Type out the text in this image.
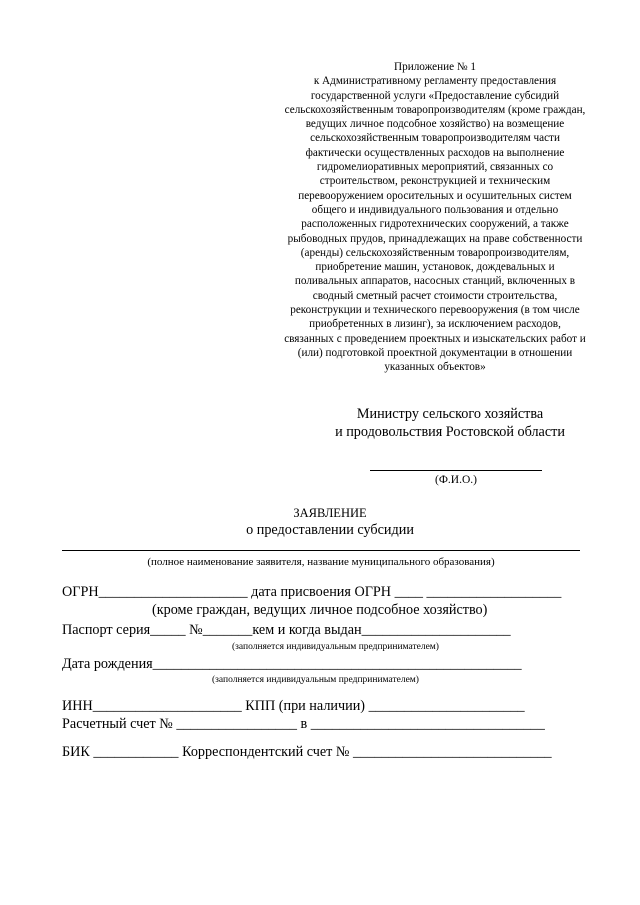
Приложение № 1
к Административному регламенту предоставления
государственной услуги «Предоставление субсидий
сельскохозяйственным товаропроизводителям (кроме граждан,
ведущих личное подсобное хозяйство) на возмещение
сельскохозяйственным товаропроизводителям части
фактически осуществленных расходов на выполнение
гидромелиоративных мероприятий, связанных со
строительством, реконструкцией и техническим
перевооружением оросительных и осушительных систем
общего и индивидуального пользования и отдельно
расположенных гидротехнических сооружений, а также
рыбоводных прудов, принадлежащих на праве собственности
(аренды) сельскохозяйственным товаропроизводителям,
приобретение машин, установок, дождевальных и
поливальных аппаратов, насосных станций, включенных в
сводный сметный расчет стоимости строительства,
реконструкции и технического перевооружения (в том числе
приобретенных в лизинг), за исключением расходов,
связанных с проведением проектных и изыскательских работ и
(или) подготовкой проектной документации в отношении
указанных объектов»
Министру сельского хозяйства
и продовольствия Ростовской области
(Ф.И.О.)
ЗАЯВЛЕНИЕ
о предоставлении субсидии
(полное наименование заявителя, название муниципального образования)
ОГРН_____________________ дата присвоения ОГРН ____ ___________________
(кроме граждан, ведущих личное подсобное хозяйство)
Паспорт серия_____ №_______кем и когда выдан_____________________
(заполняется индивидуальным предпринимателем)
Дата рождения____________________________________________________
(заполняется индивидуальным предпринимателем)
ИНН_____________________ КПП (при наличии) ______________________
Расчетный счет № _________________ в _________________________________
БИК ____________ Корреспондентский счет № ____________________________
